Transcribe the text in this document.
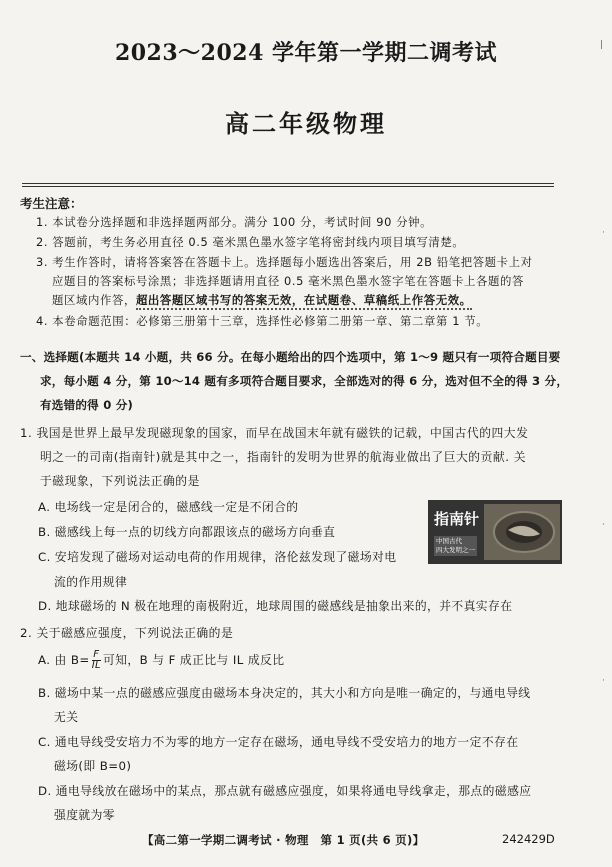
2023～2024 学年第一学期二调考试
高二年级物理
考生注意：
1. 本试卷分选择题和非选择题两部分。满分 100 分，考试时间 90 分钟。
2. 答题前，考生务必用直径 0.5 毫米黑色墨水签字笔将密封线内项目填写清楚。
3. 考生作答时，请将答案答在答题卡上。选择题每小题选出答案后，用 2B 铅笔把答题卡上对
应题目的答案标号涂黑；非选择题请用直径 0.5 毫米黑色墨水签字笔在答题卡上各题的答
题区域内作答，超出答题区域书写的答案无效，在试题卷、草稿纸上作答无效。
4. 本卷命题范围：必修第三册第十三章，选择性必修第二册第一章、第二章第 1 节。
一、选择题(本题共 14 小题，共 66 分。在每小题给出的四个选项中，第 1～9 题只有一项符合题目要
求，每小题 4 分，第 10～14 题有多项符合题目要求，全部选对的得 6 分，选对但不全的得 3 分，
有选错的得 0 分)
1. 我国是世界上最早发现磁现象的国家，而早在战国末年就有磁铁的记载，中国古代的四大发
明之一的司南(指南针)就是其中之一，指南针的发明为世界的航海业做出了巨大的贡献. 关
于磁现象，下列说法正确的是
A. 电场线一定是闭合的，磁感线一定是不闭合的
B. 磁感线上每一点的切线方向都跟该点的磁场方向垂直
C. 安培发现了磁场对运动电荷的作用规律，洛伦兹发现了磁场对电
流的作用规律
D. 地球磁场的 N 极在地理的南极附近，地球周围的磁感线是抽象出来的，并不真实存在
指南针
中国古代
四大发明之一
2. 关于磁感应强度，下列说法正确的是
A. 由 $B= \frac{F}{IL}$ 可知，B 与 F 成正比与 IL 成反比
B. 磁场中某一点的磁感应强度由磁场本身决定的，其大小和方向是唯一确定的，与通电导线
无关
C. 通电导线受安培力不为零的地方一定存在磁场，通电导线不受安培力的地方一定不存在
磁场(即 B=0)
D. 通电导线放在磁场中的某点，那点就有磁感应强度，如果将通电导线拿走，那点的磁感应
强度就为零
【高二第一学期二调考试 · 物理　第 1 页(共 6 页)】	242429D
|
·
·
·
